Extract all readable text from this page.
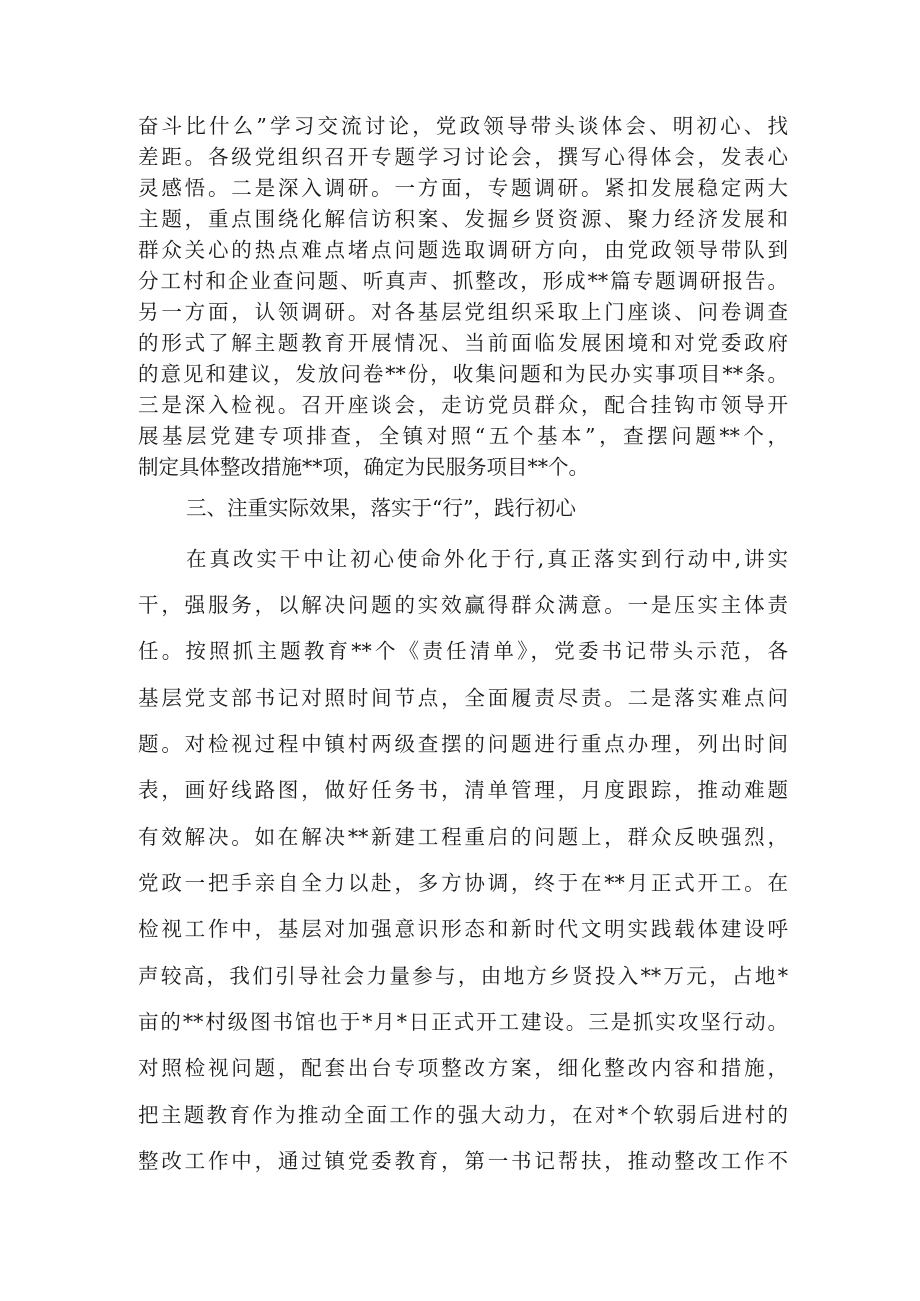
奋斗比什么”学习交流讨论，党政领导带头谈体会、明初心、找
差距。各级党组织召开专题学习讨论会，撰写心得体会，发表心
灵感悟。二是深入调研。一方面，专题调研。紧扣发展稳定两大
主题，重点围绕化解信访积案、发掘乡贤资源、聚力经济发展和
群众关心的热点难点堵点问题选取调研方向，由党政领导带队到
分工村和企业查问题、听真声、抓整改，形成**篇专题调研报告。
另一方面，认领调研。对各基层党组织采取上门座谈、问卷调查
的形式了解主题教育开展情况、当前面临发展困境和对党委政府
的意见和建议，发放问卷**份，收集问题和为民办实事项目**条。
三是深入检视。召开座谈会，走访党员群众，配合挂钩市领导开
展基层党建专项排查，全镇对照“五个基本”，查摆问题**个，
制定具体整改措施**项，确定为民服务项目**个。
三、注重实际效果，落实于“行”，践行初心
在真改实干中让初心使命外化于行,真正落实到行动中,讲实
干，强服务，以解决问题的实效赢得群众满意。一是压实主体责
任。按照抓主题教育**个《责任清单》，党委书记带头示范，各
基层党支部书记对照时间节点，全面履责尽责。二是落实难点问
题。对检视过程中镇村两级查摆的问题进行重点办理，列出时间
表，画好线路图，做好任务书，清单管理，月度跟踪，推动难题
有效解决。如在解决**新建工程重启的问题上，群众反映强烈，
党政一把手亲自全力以赴，多方协调，终于在**月正式开工。在
检视工作中，基层对加强意识形态和新时代文明实践载体建设呼
声较高，我们引导社会力量参与，由地方乡贤投入**万元，占地*
亩的**村级图书馆也于*月*日正式开工建设。三是抓实攻坚行动。
对照检视问题，配套出台专项整改方案，细化整改内容和措施，
把主题教育作为推动全面工作的强大动力，在对*个软弱后进村的
整改工作中，通过镇党委教育，第一书记帮扶，推动整改工作不
